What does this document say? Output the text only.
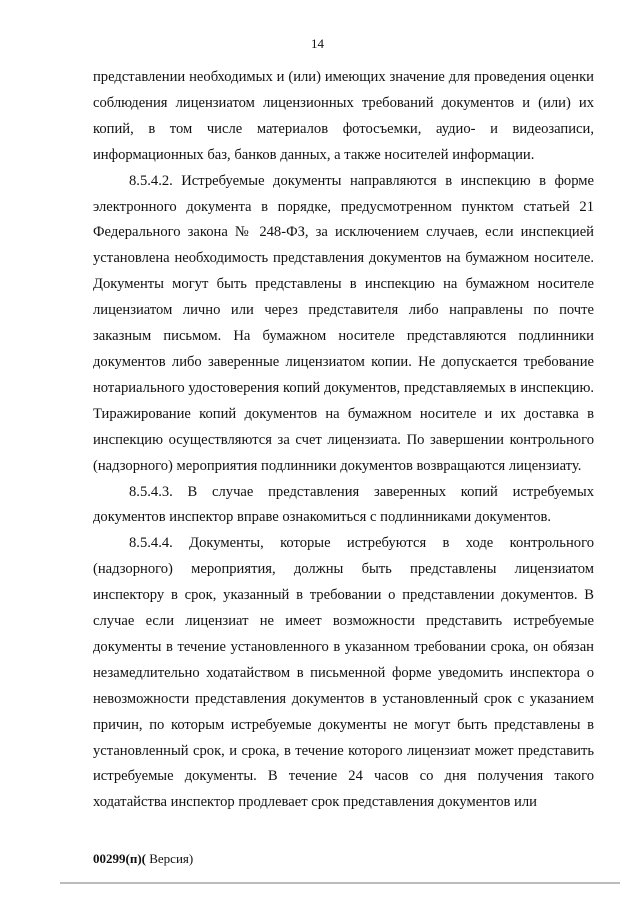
14

представлении необходимых и (или) имеющих значение для проведения оценки соблюдения лицензиатом лицензионных требований документов и (или) их копий, в том числе материалов фотосъемки, аудио- и видеозаписи, информационных баз, банков данных, а также носителей информации.

8.5.4.2. Истребуемые документы направляются в инспекцию в форме электронного документа в порядке, предусмотренном пунктом статьей 21 Федерального закона № 248-ФЗ, за исключением случаев, если инспекцией установлена необходимость представления документов на бумажном носителе. Документы могут быть представлены в инспекцию на бумажном носителе лицензиатом лично или через представителя либо направлены по почте заказным письмом. На бумажном носителе представляются подлинники документов либо заверенные лицензиатом копии. Не допускается требование нотариального удостоверения копий документов, представляемых в инспекцию. Тиражирование копий документов на бумажном носителе и их доставка в инспекцию осуществляются за счет лицензиата. По завершении контрольного (надзорного) мероприятия подлинники документов возвращаются лицензиату.

8.5.4.3. В случае представления заверенных копий истребуемых документов инспектор вправе ознакомиться с подлинниками документов.

8.5.4.4. Документы, которые истребуются в ходе контрольного (надзорного) мероприятия, должны быть представлены лицензиатом инспектору в срок, указанный в требовании о представлении документов. В случае если лицензиат не имеет возможности представить истребуемые документы в течение установленного в указанном требовании срока, он обязан незамедлительно ходатайством в письменной форме уведомить инспектора о невозможности представления документов в установленный срок с указанием причин, по которым истребуемые документы не могут быть представлены в установленный срок, и срока, в течение которого лицензиат может представить истребуемые документы. В течение 24 часов со дня получения такого ходатайства инспектор продлевает срок представления документов или

00299(п)( Версия)
